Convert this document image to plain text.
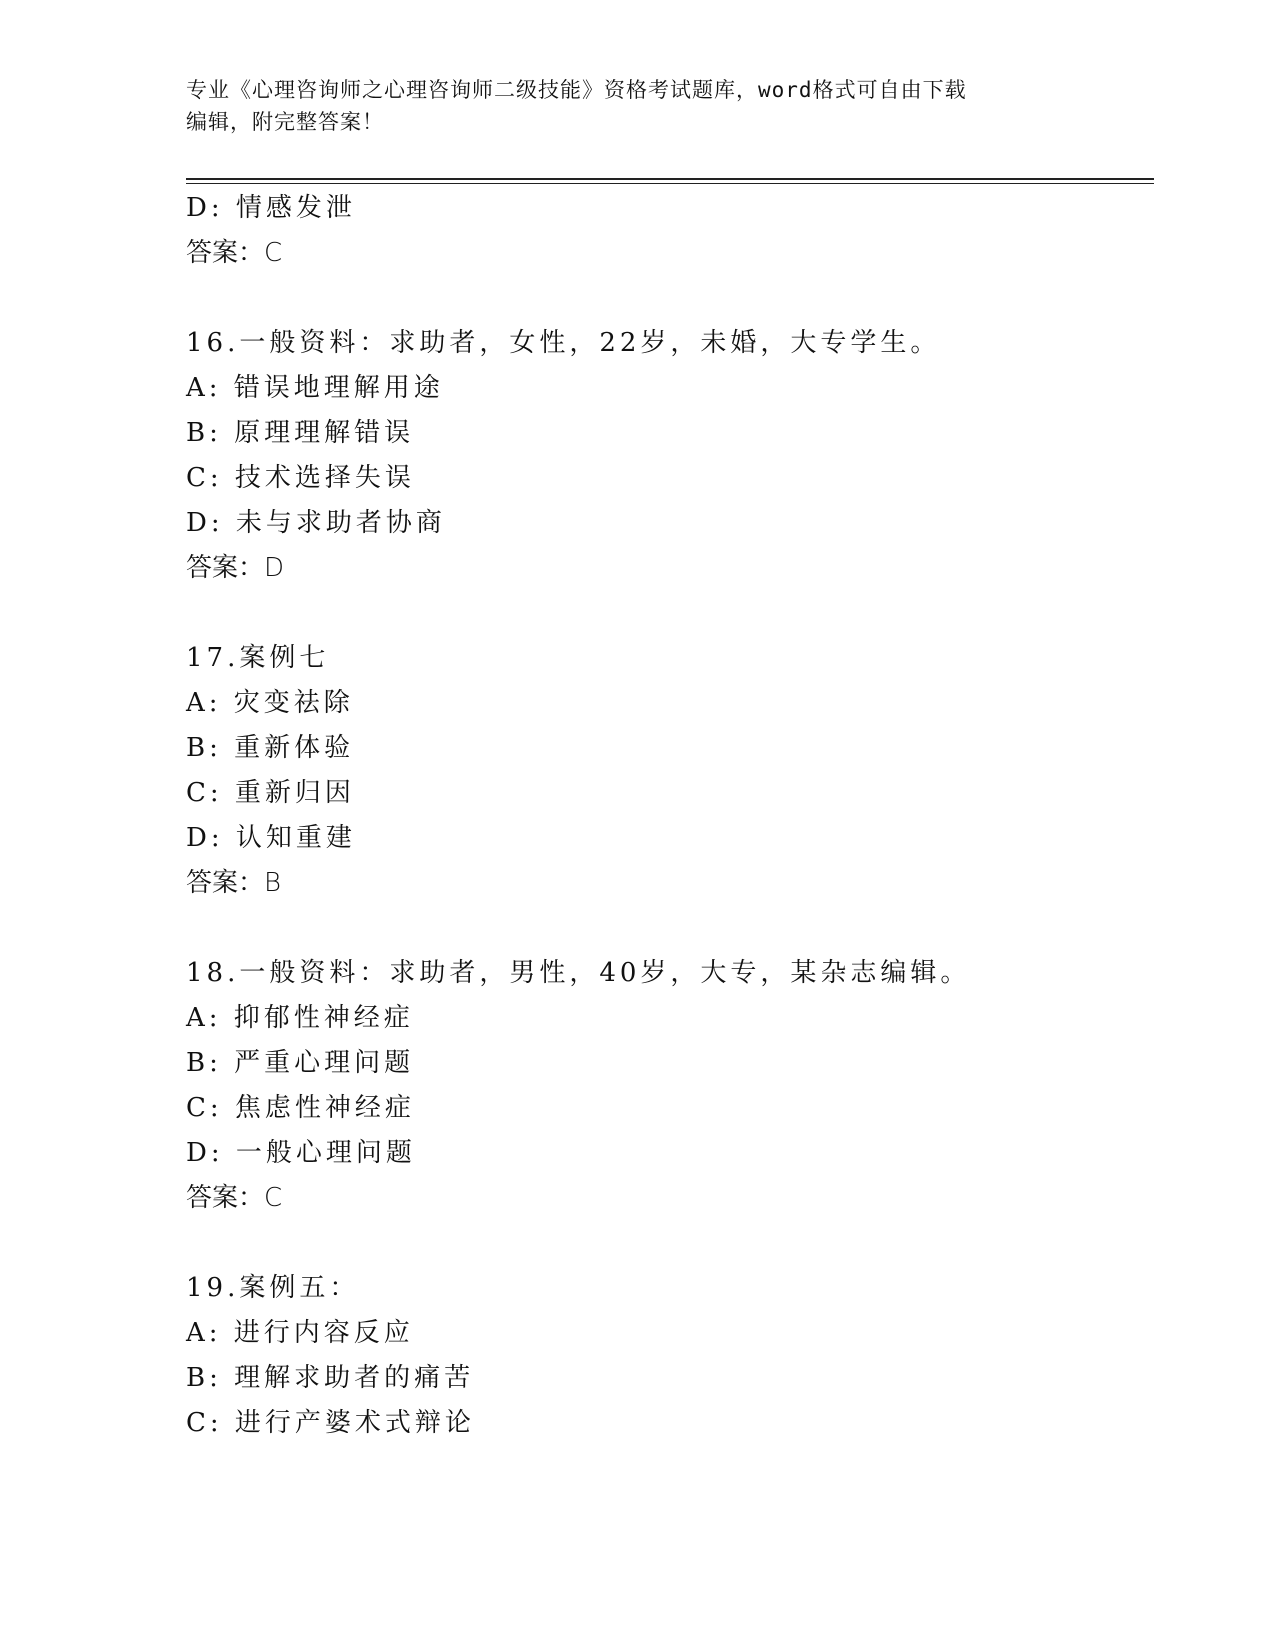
专业《心理咨询师之心理咨询师二级技能》资格考试题库，word格式可自由下载
编辑，附完整答案！
D: 情感发泄
答案：C
16.一般资料：求助者，女性，22岁，未婚，大专学生。
A: 错误地理解用途
B: 原理理解错误
C: 技术选择失误
D: 未与求助者协商
答案：D
17.案例七
A: 灾变祛除
B: 重新体验
C: 重新归因
D: 认知重建
答案：B
18.一般资料：求助者，男性，40岁，大专，某杂志编辑。
A: 抑郁性神经症
B: 严重心理问题
C: 焦虑性神经症
D: 一般心理问题
答案：C
19.案例五：
A: 进行内容反应
B: 理解求助者的痛苦
C: 进行产婆术式辩论
